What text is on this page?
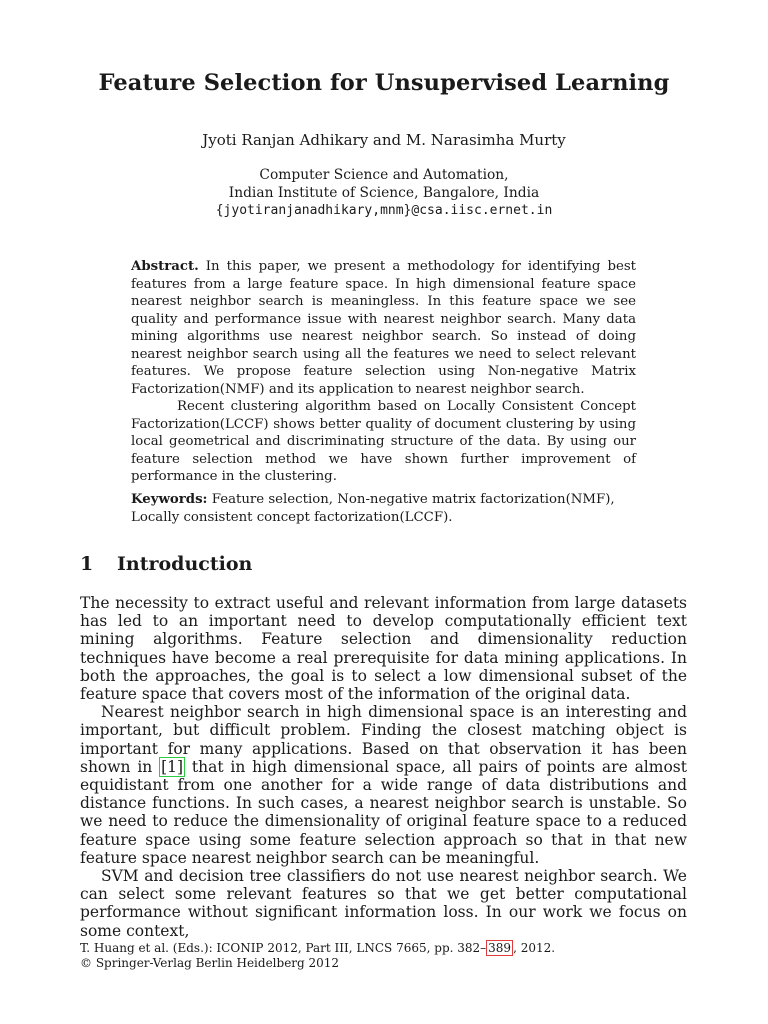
Feature Selection for Unsupervised Learning
Jyoti Ranjan Adhikary and M. Narasimha Murty
Computer Science and Automation,
Indian Institute of Science, Bangalore, India
{jyotiranjanadhikary,mnm}@csa.iisc.ernet.in

Abstract. In this paper, we present a methodology for identifying best features from a large feature space. In high dimensional feature space nearest neighbor search is meaningless. In this feature space we see quality and performance issue with nearest neighbor search. Many data mining algorithms use nearest neighbor search. So instead of doing nearest neighbor search using all the features we need to select relevant features. We propose feature selection using Non-negative Matrix Factorization(NMF) and its application to nearest neighbor search.

Recent clustering algorithm based on Locally Consistent Concept Factorization(LCCF) shows better quality of document clustering by using local geometrical and discriminating structure of the data. By using our feature selection method we have shown further improvement of performance in the clustering.

Keywords: Feature selection, Non-negative matrix factorization(NMF), Locally consistent concept factorization(LCCF).
1 Introduction

The necessity to extract useful and relevant information from large datasets has led to an important need to develop computationally efficient text mining algorithms. Feature selection and dimensionality reduction techniques have become a real prerequisite for data mining applications. In both the approaches, the goal is to select a low dimensional subset of the feature space that covers most of the information of the original data.

Nearest neighbor search in high dimensional space is an interesting and important, but difficult problem. Finding the closest matching object is important for many applications. Based on that observation it has been shown in [1] that in high dimensional space, all pairs of points are almost equidistant from one another for a wide range of data distributions and distance functions. In such cases, a nearest neighbor search is unstable. So we need to reduce the dimensionality of original feature space to a reduced feature space using some feature selection approach so that in that new feature space nearest neighbor search can be meaningful.

SVM and decision tree classifiers do not use nearest neighbor search. We can select some relevant features so that we get better computational performance without significant information loss. In our work we focus on some context,

T. Huang et al. (Eds.): ICONIP 2012, Part III, LNCS 7665, pp. 382– 389 , 2012.
© Springer-Verlag Berlin Heidelberg 2012
